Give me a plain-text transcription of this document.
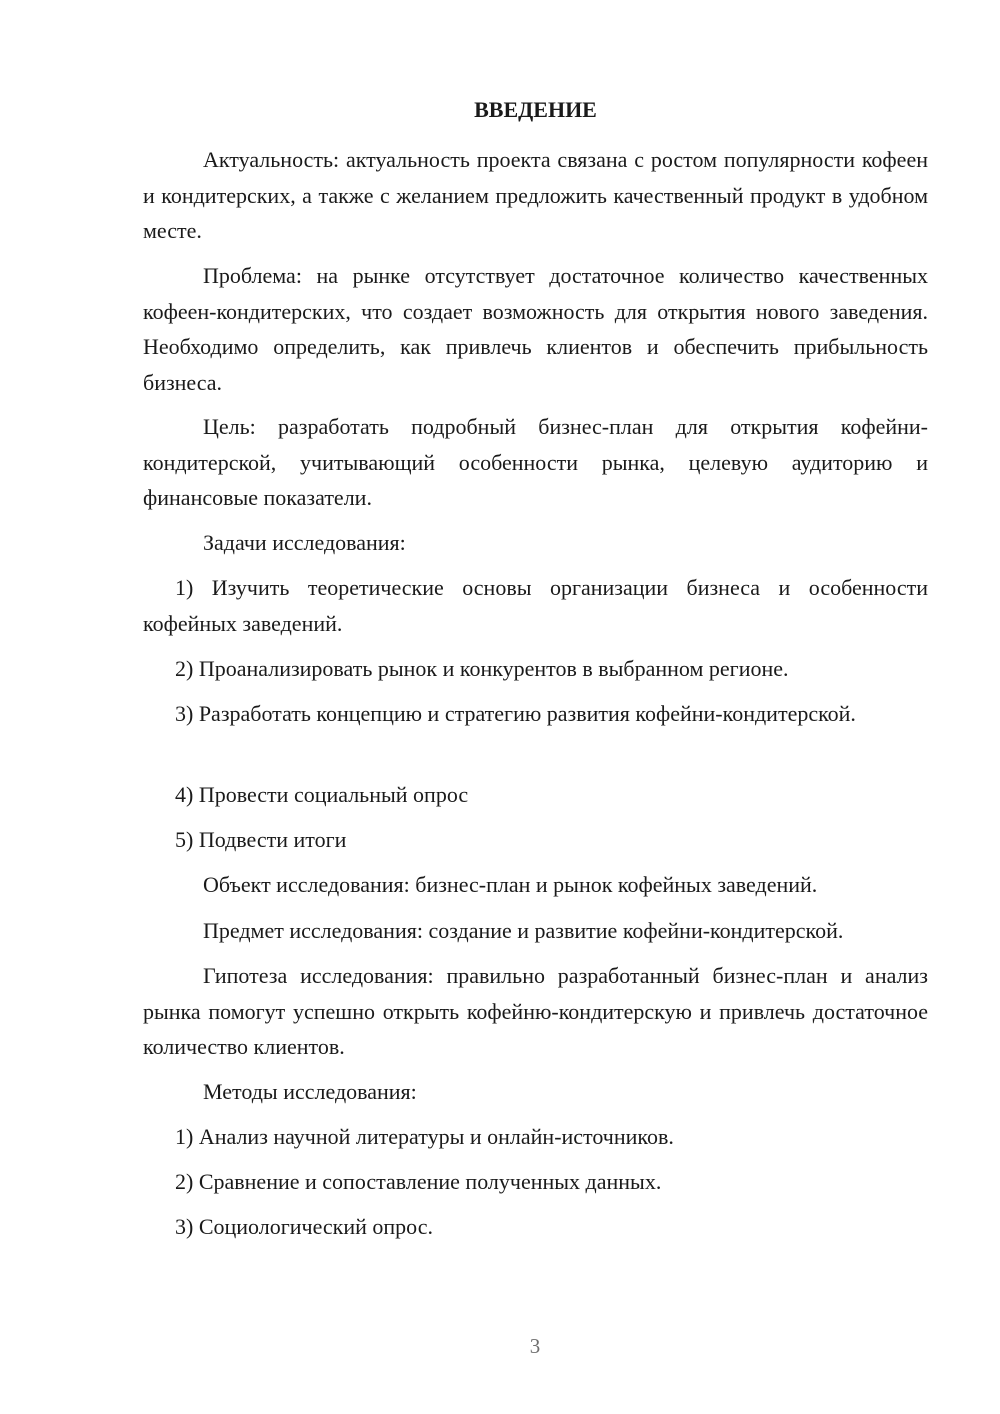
ВВЕДЕНИЕ

Актуальность: актуальность проекта связана с ростом популярности кофеен и кондитерских, а также с желанием предложить качественный продукт в удобном месте.

Проблема: на рынке отсутствует достаточное количество качественных кофеен-кондитерских, что создает возможность для открытия нового заведения. Необходимо определить, как привлечь клиентов и обеспечить прибыльность бизнеса.

Цель: разработать подробный бизнес-план для открытия кофейни-кондитерской, учитывающий особенности рынка, целевую аудиторию и финансовые показатели.

Задачи исследования:

1) Изучить теоретические основы организации бизнеса и особенности кофейных заведений.

2) Проанализировать рынок и конкурентов в выбранном регионе.

3) Разработать концепцию и стратегию развития кофейни-кондитерской.

4) Провести социальный опрос

5) Подвести итоги

Объект исследования: бизнес-план и рынок кофейных заведений.

Предмет исследования: создание и развитие кофейни-кондитерской.

Гипотеза исследования: правильно разработанный бизнес-план и анализ рынка помогут успешно открыть кофейню-кондитерскую и привлечь достаточное количество клиентов.

Методы исследования:

1) Анализ научной литературы и онлайн-источников.

2) Сравнение и сопоставление полученных данных.

3) Социологический опрос.

3
